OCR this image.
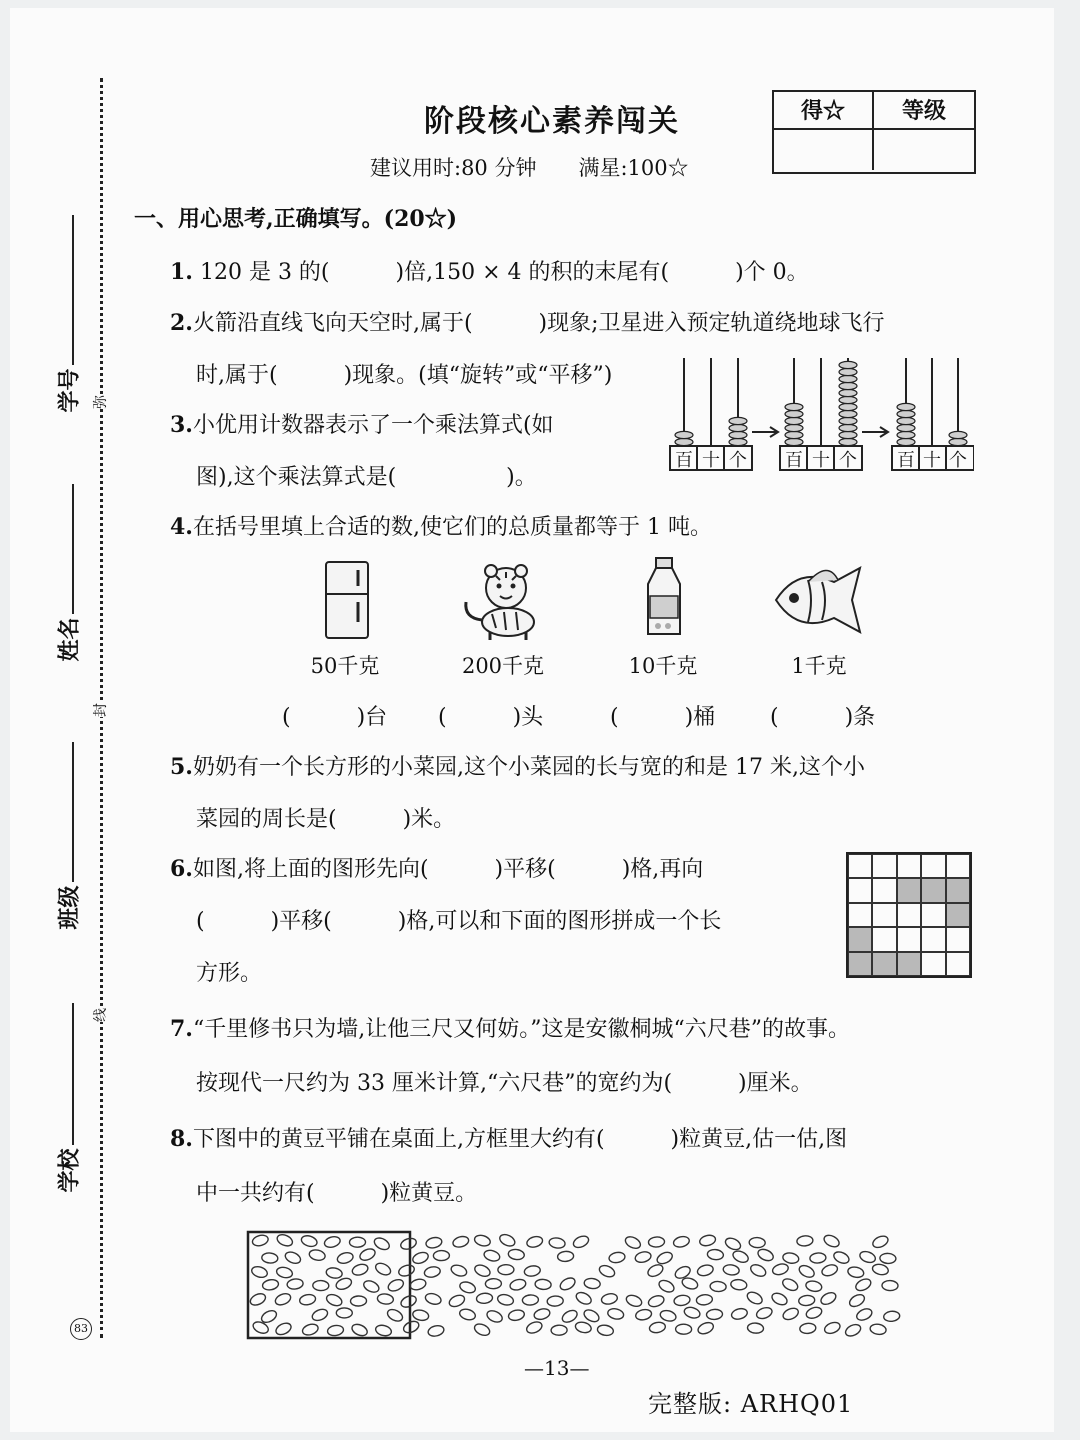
学号
姓名
班级
学校
弥
封
线
83
阶段核心素养闯关
建议用时:80 分钟　　满星:100☆
得☆	等级
一、用心思考,正确填写。(20☆)
1. 120 是 3 的(　　　)倍,150 × 4 的积的末尾有(　　　)个 0。
2.火箭沿直线飞向天空时,属于(　　　)现象;卫星进入预定轨道绕地球飞行
时,属于(　　　)现象。(填“旋转”或“平移”)
3.小优用计数器表示了一个乘法算式(如
图),这个乘法算式是(　　　　　)。
百 十 个 百 十 个 百 十 个
4.在括号里填上合适的数,使它们的总质量都等于 1 吨。
50千克	200千克	10千克	1千克
(　　　)台 (　　　)头	(　　　)桶 (　　　)条
5.奶奶有一个长方形的小菜园,这个小菜园的长与宽的和是 17 米,这个小
菜园的周长是(　　　)米。
6.如图,将上面的图形先向(　　　)平移(　　　)格,再向
(　　　)平移(　　　)格,可以和下面的图形拼成一个长
方形。
7.“千里修书只为墙,让他三尺又何妨。”这是安徽桐城“六尺巷”的故事。
按现代一尺约为 33 厘米计算,“六尺巷”的宽约为(　　　)厘米。
8.下图中的黄豆平铺在桌面上,方框里大约有(　　　)粒黄豆,估一估,图
中一共约有(　　　)粒黄豆。
—13—
完整版: ARHQ01
